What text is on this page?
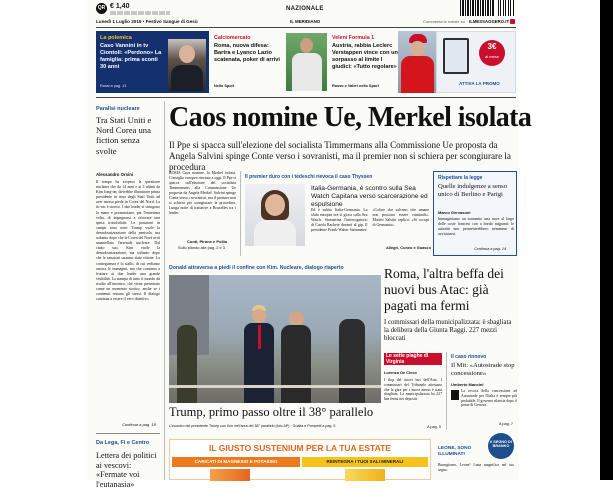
QR € 1,40	NAZIONALE
Lunedì 1 Luglio 2019 • Festivo Sangue di Gesù	IL MERIDIANO	Commenta le notizie su ILMESSAGGERO.IT
La polemica
Caso Vannini in tv Ciontoli: «Perdono» La famiglia: prima sconti 30 anni
Rossi a pag. 13
Calciomercato
Roma, nuova difesa: Bartra e Lyanco Lazio scatenata, poker di arrivi
Nello Sport
Veleni Formula 1
Austria, rabbia Leclerc Verstappen vince con un sorpasso al limite I giudici: «Tutto regolare»
Russo e Valeri nello Sport
3€
al mese
ATTIVA LA PROMO
Parallsi nucleare
Tra Stati Uniti e Nord Corea una fiction senza svolte
Alessandro Orsini
Il tempo ha sospeso la questione nucleare che da 14 anni e ai 3 ultimi da Kim Jong-un, dovrebbe illuminare prima presidente in terra degli Stati Uniti ad aver messo piede in Corea del Nord. La tic-tac è storico. I due leader si stringono la mano e pronunciano, per l'ennesima volta, di impegnarsi a ritrovare una spesa irrisolvibile. Le posizioni in campo sono note: Trump vuole la denuclearizzazione della penisola, ma soltanto dopo che la Corea del Nord avrà smantellato l'arsenale nucleare. Dal canto suo, Kim vuole la denuclearizzazione, ma soltanto dopo che le sanzioni saranno state ritirate. La conseguenza è lo stallo, di cui vediamo ancora le immagini, ma che continua a fruttare ai due leader una grande visibilità. La stampa di tutto il mondo dà risalto all'incontro, che viene presentato come un momento storico, anche se i contenuti restano gli stessi. Il dialogo continua a essere il vero obiettivo.
Continua a pag. 18
Da Lega, Fi e Centro
Lettera dei politici ai vescovi: «Fermate voi l'eutanasia»
Caos nomine Ue, Merkel isolata
Il Ppe si spacca sull'elezione del socialista Timmermans alla Commissione Ue proposta da Angela Salvini spinge Conte verso i sovranisti, ma il premier non si schiera per scongiurare la procedura
ROMA Caos nomine, la Merkel isolata. Consiglio europeo rinviato a oggi. Il Ppe si spacca sull'elezione del socialista Timmermans alla Commissione Ue proposta da Angela Merkel. Salvini spinge Conte verso i sovranisti, ma il premier non si schiera per scongiurare la procedura. Lunga notte di trattative a Bruxelles tra i leader.
Conti, Pirone e Pollio
Sullo sfondo alle pag. 2 e 3
Il premier duro con i tedeschi rievoca il caso Thyssen
Italia-Germania, è scontro sulla Sea Watch Capitana verso scarcerazione ed espulsione
Ed è subito Italia-Germania. La sfida europea ora si gioca sulla Sea Watch. Stamattina l'interrogatorio di Carola Rackete davanti al gip. Il presidente Frank-Walter Steinmeier: «Colore che salvano vite umane non possono essere criminali». Matteo Salvini replica: «Si occupi di Germania».
Allegri, Cuneo e Guasco
Rispettare la legge
Quelle indulgenze a senso unico di Berlino e Parigi
Marco Gervasoni
Immaginiamo un momento una nave al largo delle coste francesi con a bordo migranti: le autorità non permetterebbero nemmeno di avvicinarsi.
Continua a pag. 14
Donald attraversa a piedi il confine con Kim. Nucleare, dialogo riaperto
Trump, primo passo oltre il 38° parallelo
L'incontro del presidente Trump con Kim nell'area del 38° parallelo (foto AP) · Guaita e Pompetti a pag. 5
Roma, l'altra beffa dei nuovi bus Atac: già pagati ma fermi
I commissari della municipalizzata: è sbagliata la delibera della Giunta Raggi. 227 mezzi bloccati
Le sette piaghe di Virginia
Lorenzo De Cicco
I flop del nuovi bus dell'Atac. I commissari del Tribunale attestano che la gara per i nuovi mezzi è stata sbagliata. La municipalizzata ha 227 bus fermi nei depositi.
A pag. 9
Il caso rinnovo
Il Mit: «Autostrade stop concessione»
Umberto Mancini
La revoca della concessione ad Autostrade per l'Italia è sempre più probabile. Il governo rilancia dopo il ponte di Genova.
A pag. 7
IL GIUSTO SUSTENIUM PER LA TUA ESTATE
CARICATI DI MAGNESIO E POTASSIO	REINTEGRA I TUOI SALI MINERALI
il SEGNO DI BRANKO
LEONE, SONO ILLUMINATI
Buongiorno, Leone! Luna magnifica nel tuo segno.
